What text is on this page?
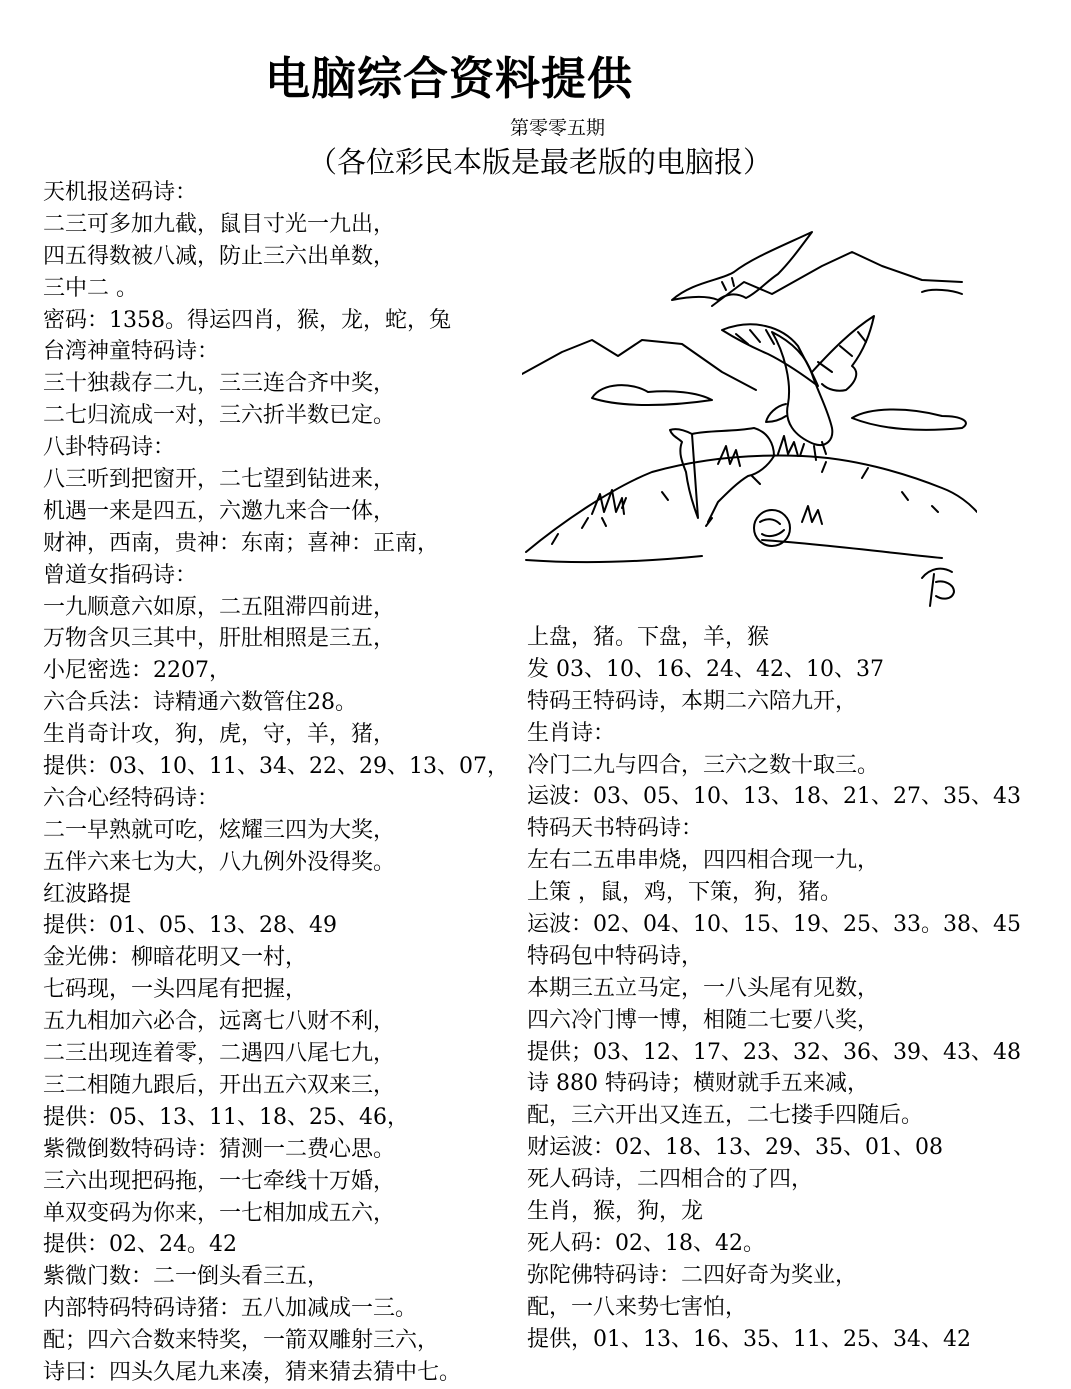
电脑综合资料提供
第零零五期
（各位彩民本版是最老版的电脑报）
天机报送码诗：
二三可多加九截，鼠目寸光一九出，
四五得数被八减，防止三六出单数，
三中二 。
密码：1358。得运四肖，猴，龙，蛇，兔
台湾神童特码诗：
三十独裁存二九，三三连合齐中奖，
二七归流成一对，三六折半数已定。
八卦特码诗：
八三听到把窗开，二七望到钻进来，
机遇一来是四五，六邀九来合一体，
财神，西南，贵神：东南；喜神：正南，
曾道女指码诗：
一九顺意六如原，二五阻滞四前进，
万物含贝三其中，肝肚相照是三五，
小尼密选：2207，
六合兵法：诗精通六数管住28。
生肖奇计攻，狗，虎，守，羊，猪，
提供：03、10、11、34、22、29、13、07，
六合心经特码诗：
二一早熟就可吃，炫耀三四为大奖，
五伴六来七为大，八九例外没得奖。
红波路提
提供：01、05、13、28、49
金光佛：柳暗花明又一村，
七码现，一头四尾有把握，
五九相加六必合，远离七八财不利，
二三出现连着零，二遇四八尾七九，
三二相随九跟后，开出五六双来三，
提供：05、13、11、18、25、46，
紫微倒数特码诗：猜测一二费心思。
三六出现把码拖，一七牵线十万婚，
单双变码为你来，一七相加成五六，
提供：02、24。42
紫微门数：二一倒头看三五，
内部特码特码诗猪：五八加减成一三。
配；四六合数来特奖，一箭双雕射三六，
诗曰：四头久尾九来凑，猜来猜去猜中七。
上盘，猪。下盘，羊，猴
发 03、10、16、24、42、10、37
特码王特码诗，本期二六陪九开，
生肖诗：
冷门二九与四合，三六之数十取三。
运波：03、05、10、13、18、21、27、35、43
特码天书特码诗：
左右二五串串烧，四四相合现一九，
上策 ，鼠，鸡，下策，狗，猪。
运波：02、04、10、15、19、25、33。38、45
特码包中特码诗，
本期三五立马定，一八头尾有见数，
四六冷门博一博，相随二七要八奖，
提供；03、12、17、23、32、36、39、43、48
诗 880 特码诗；横财就手五来减，
配，三六开出又连五，二七搂手四随后。
财运波：02、18、13、29、35、01、08
死人码诗，二四相合的了四，
生肖，猴，狗，龙
死人码：02、18、42。
弥陀佛特码诗：二四好奇为奖业，
配，一八来势七害怕，
提供，01、13、16、35、11、25、34、42
